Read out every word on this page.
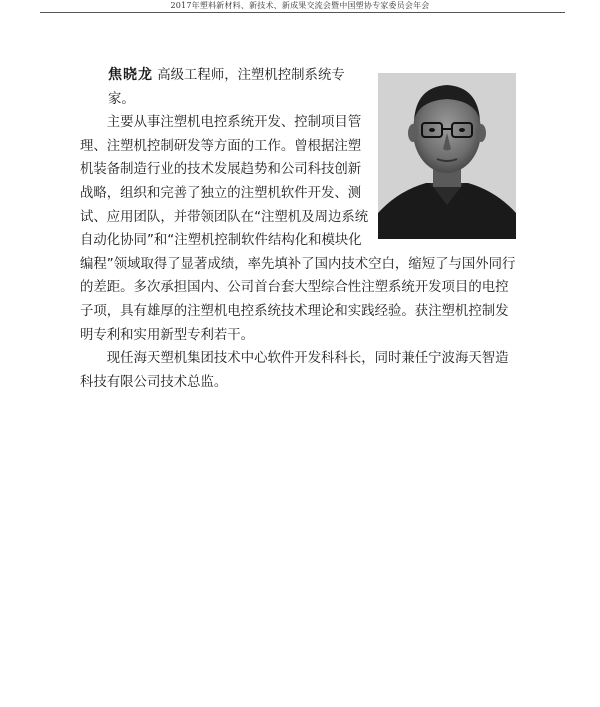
2017年塑料新材料、新技术、新成果交流会暨中国塑协专家委员会年会

焦晓龙 高级工程师，注塑机控制系统专家。

主要从事注塑机电控系统开发、控制项目管理、注塑机控制研发等方面的工作。曾根据注塑机装备制造行业的技术发展趋势和公司科技创新战略，组织和完善了独立的注塑机软件开发、测试、应用团队，并带领团队在“注塑机及周边系统自动化协同”和“注塑机控制软件结构化和模块化编程”领域取得了显著成绩，率先填补了国内技术空白，缩短了与国外同行的差距。多次承担国内、公司首台套大型综合性注塑系统开发项目的电控子项，具有雄厚的注塑机电控系统技术理论和实践经验。获注塑机控制发明专利和实用新型专利若干。

现任海天塑机集团技术中心软件开发科科长，同时兼任宁波海天智造科技有限公司技术总监。
